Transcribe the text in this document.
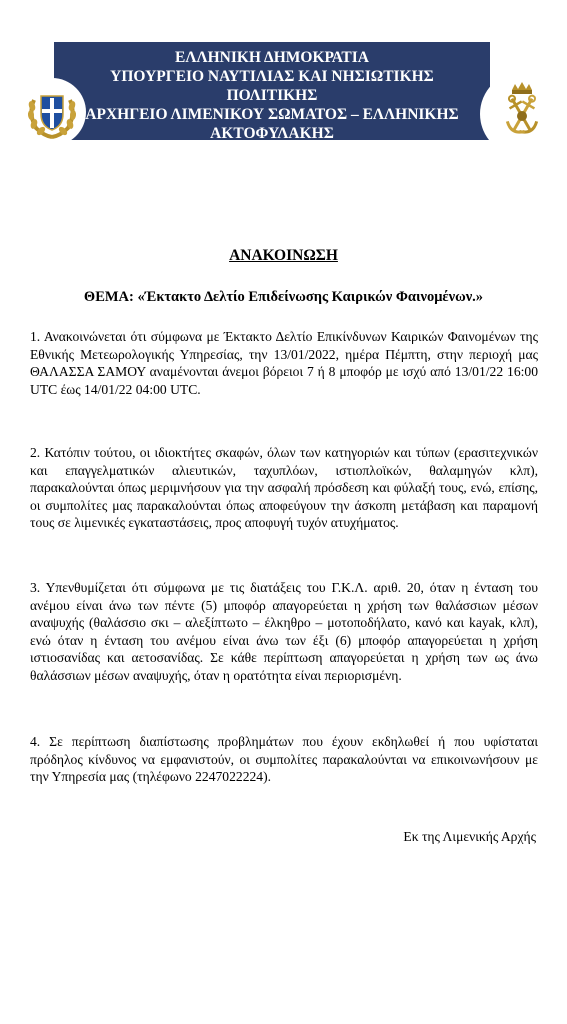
ΕΛΛΗΝΙΚΗ ΔΗΜΟΚΡΑΤΙΑ
ΥΠΟΥΡΓΕΙΟ ΝΑΥΤΙΛΙΑΣ ΚΑΙ ΝΗΣΙΩΤΙΚΗΣ
ΠΟΛΙΤΙΚΗΣ
ΑΡΧΗΓΕΙΟ ΛΙΜΕΝΙΚΟΥ ΣΩΜΑΤΟΣ – ΕΛΛΗΝΙΚΗΣ
ΑΚΤΟΦΥΛΑΚΗΣ
ΑΝΑΚΟΙΝΩΣΗ
ΘΕΜΑ: «Έκτακτο Δελτίο Επιδείνωσης Καιρικών Φαινομένων.»
1. Ανακοινώνεται ότι σύμφωνα με Έκτακτο Δελτίο Επικίνδυνων Καιρικών Φαινομένων της Εθνικής Μετεωρολογικής Υπηρεσίας, την 13/01/2022, ημέρα Πέμπτη, στην περιοχή μας ΘΑΛΑΣΣΑ ΣΑΜΟΥ αναμένονται άνεμοι βόρειοι 7 ή 8 μποφόρ με ισχύ από 13/01/22 16:00 UTC έως 14/01/22 04:00 UTC.
2. Κατόπιν τούτου, οι ιδιοκτήτες σκαφών, όλων των κατηγοριών και τύπων (ερασιτεχνικών και επαγγελματικών αλιευτικών, ταχυπλόων, ιστιοπλοϊκών, θαλαμηγών κλπ), παρακαλούνται όπως μεριμνήσουν για την ασφαλή πρόσδεση και φύλαξή τους, ενώ, επίσης, οι συμπολίτες μας παρακαλούνται όπως αποφεύγουν την άσκοπη μετάβαση και παραμονή τους σε λιμενικές εγκαταστάσεις, προς αποφυγή τυχόν ατυχήματος.
3. Υπενθυμίζεται ότι σύμφωνα με τις διατάξεις του Γ.Κ.Λ. αριθ. 20, όταν η ένταση του ανέμου είναι άνω των πέντε (5) μποφόρ απαγορεύεται η χρήση των θαλάσσιων μέσων αναψυχής (θαλάσσιο σκι – αλεξίπτωτο – έλκηθρο – μοτοποδήλατο, κανό και kayak, κλπ), ενώ όταν η ένταση του ανέμου είναι άνω των έξι (6) μποφόρ απαγορεύεται η χρήση ιστιοσανίδας και αετοσανίδας. Σε κάθε περίπτωση απαγορεύεται η χρήση των ως άνω θαλάσσιων μέσων αναψυχής, όταν η ορατότητα είναι περιορισμένη.
4. Σε περίπτωση διαπίστωσης προβλημάτων που έχουν εκδηλωθεί ή που υφίσταται πρόδηλος κίνδυνος να εμφανιστούν, οι συμπολίτες παρακαλούνται να επικοινωνήσουν με την Υπηρεσία μας (τηλέφωνο 2247022224).
Εκ της Λιμενικής Αρχής
